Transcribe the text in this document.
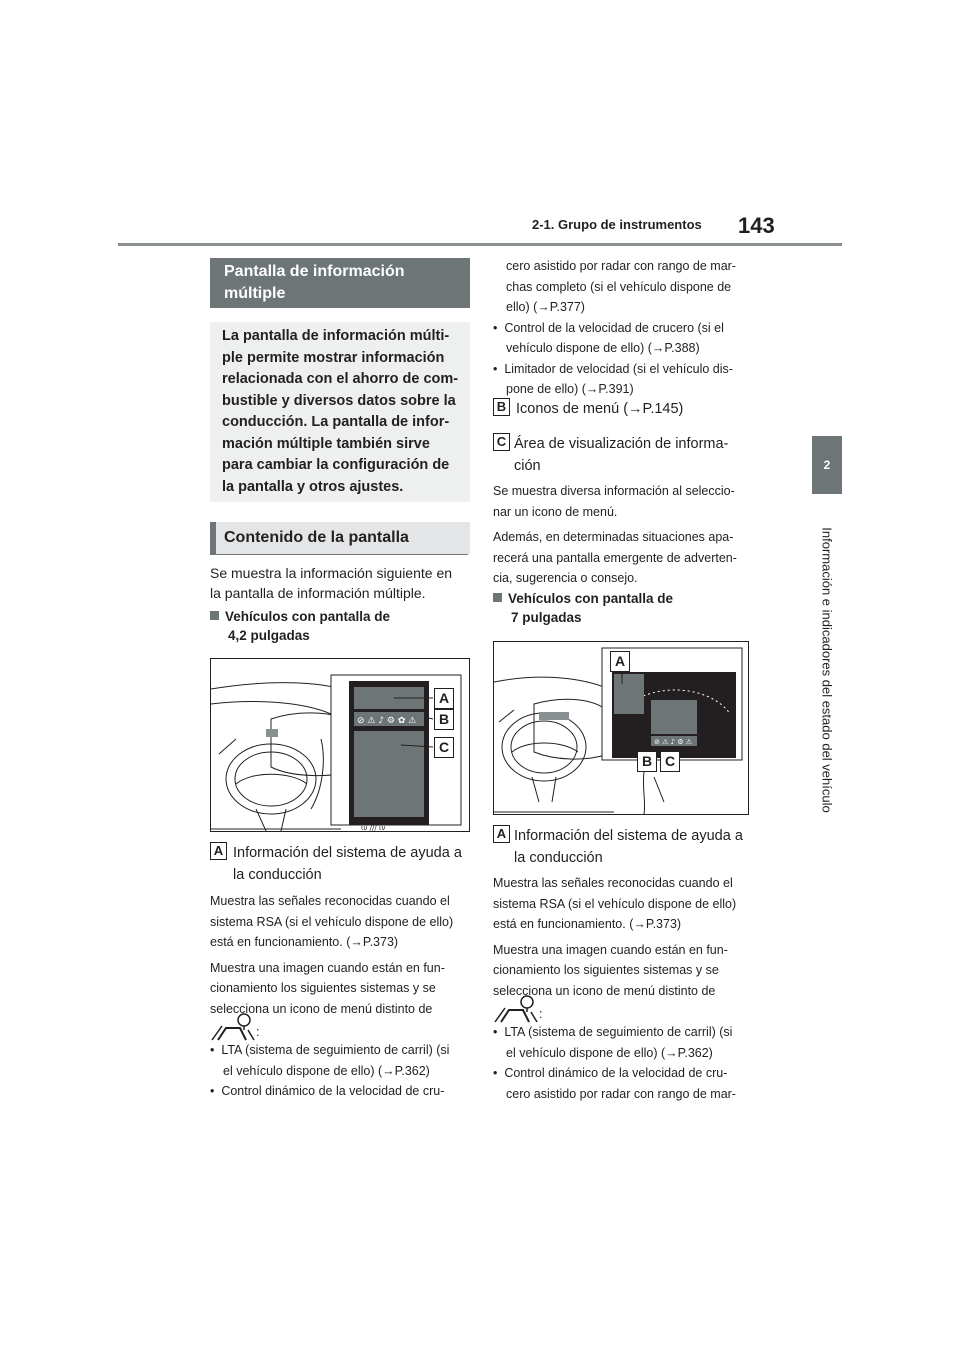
2-1. Grupo de instrumentos 143
2
Información e indicadores del estado del vehículo
Pantalla de información
múltiple
La pantalla de información múlti-
ple permite mostrar información
relacionada con el ahorro de com-
bustible y diversos datos sobre la
conducción. La pantalla de infor-
mación múltiple también sirve
para cambiar la configuración de
la pantalla y otros ajustes.
Contenido de la pantalla
Se muestra la información siguiente en
la pantalla de información múltiple.
Vehículos con pantalla de
4,2 pulgadas
⊘ ⚠ ♪ ⚙ ✿ ⚠
ιυ /// ιν
A
B
C
A Información del sistema de ayuda a
la conducción
Muestra las señales reconocidas cuando el
sistema RSA (si el vehículo dispone de ello)
está en funcionamiento. (→P.373)
Muestra una imagen cuando están en fun-
cionamiento los siguientes sistemas y se
selecciona un icono de menú distinto de
:
•  LTA (sistema de seguimiento de carril) (si
el vehículo dispone de ello) (→P.362)
•  Control dinámico de la velocidad de cru-
cero asistido por radar con rango de mar-
chas completo (si el vehículo dispone de
ello) (→P.377)
•  Control de la velocidad de crucero (si el
vehículo dispone de ello) (→P.388)
•  Limitador de velocidad (si el vehículo dis-
pone de ello) (→P.391)
B Iconos de menú (→P.145)
C Área de visualización de informa-
ción
Se muestra diversa información al seleccio-
nar un icono de menú.
Además, en determinadas situaciones apa-
recerá una pantalla emergente de adverten-
cia, sugerencia o consejo.
Vehículos con pantalla de
7 pulgadas
⊘ ⚠ ♪ ⚙ ⚠
A
B C
A Información del sistema de ayuda a
la conducción
Muestra las señales reconocidas cuando el
sistema RSA (si el vehículo dispone de ello)
está en funcionamiento. (→P.373)
Muestra una imagen cuando están en fun-
cionamiento los siguientes sistemas y se
selecciona un icono de menú distinto de
:
•  LTA (sistema de seguimiento de carril) (si
el vehículo dispone de ello) (→P.362)
•  Control dinámico de la velocidad de cru-
cero asistido por radar con rango de mar-
